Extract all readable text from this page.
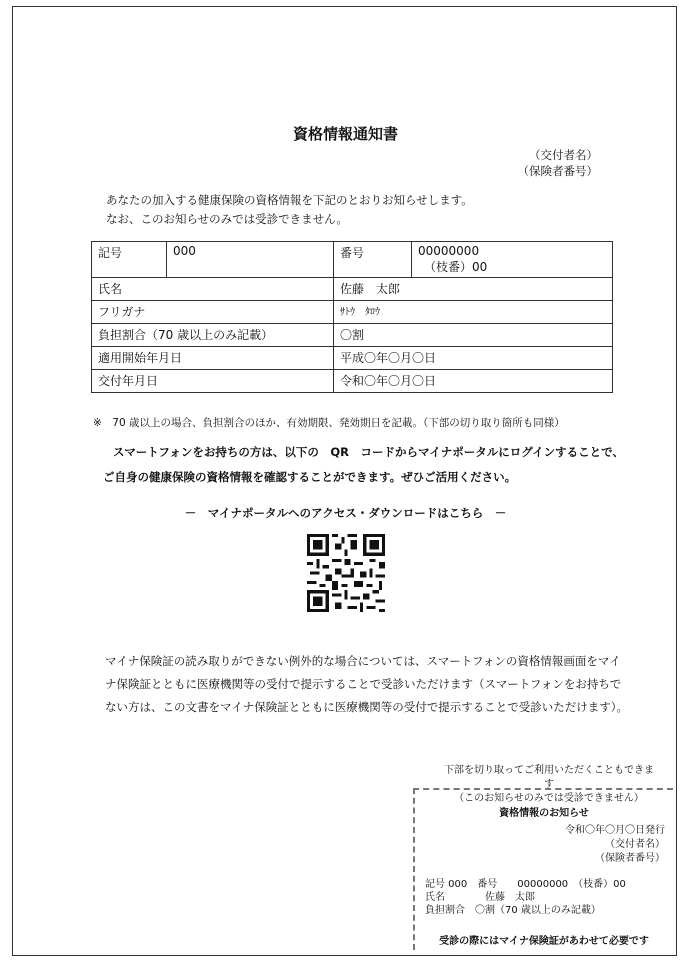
資格情報通知書
（交付者名）
（保険者番号）
あなたの加入する健康保険の資格情報を下記のとおりお知らせします。
なお、このお知らせのみでは受診できません。
記号	000	番号	00000000
（枝番）00

氏名		佐藤　太郎	
フリガナ		ｻﾄｳ　ﾀﾛｳ	
負担割合（70 歳以上のみ記載）		〇割	
適用開始年月日		平成〇年〇月〇日	
交付年月日		令和〇年〇月〇日	
※　70 歳以上の場合、負担割合のほか、有効期限、発効期日を記載。（下部の切り取り箇所も同様）
スマートフォンをお持ちの方は、以下の　QR　コードからマイナポータルにログインすることで、
ご自身の健康保険の資格情報を確認することができます。ぜひご活用ください。
－　マイナポータルへのアクセス・ダウンロードはこちら　－
マイナ保険証の読み取りができない例外的な場合については、スマートフォンの資格情報画面をマイナ保険証とともに医療機関等の受付で提示することで受診いただけます（スマートフォンをお持ちでない方は、この文書をマイナ保険証とともに医療機関等の受付で提示することで受診いただけます）。
下部を切り取ってご利用いただくこともできます
（このお知らせのみでは受診できません）
資格情報のお知らせ
令和〇年〇月〇日発行
（交付者名）
（保険者番号）
記号 000　番号　　00000000　（枝番）00
氏名　　　　佐藤　太郎
負担割合　〇割（70 歳以上のみ記載）
受診の際にはマイナ保険証があわせて必要です
